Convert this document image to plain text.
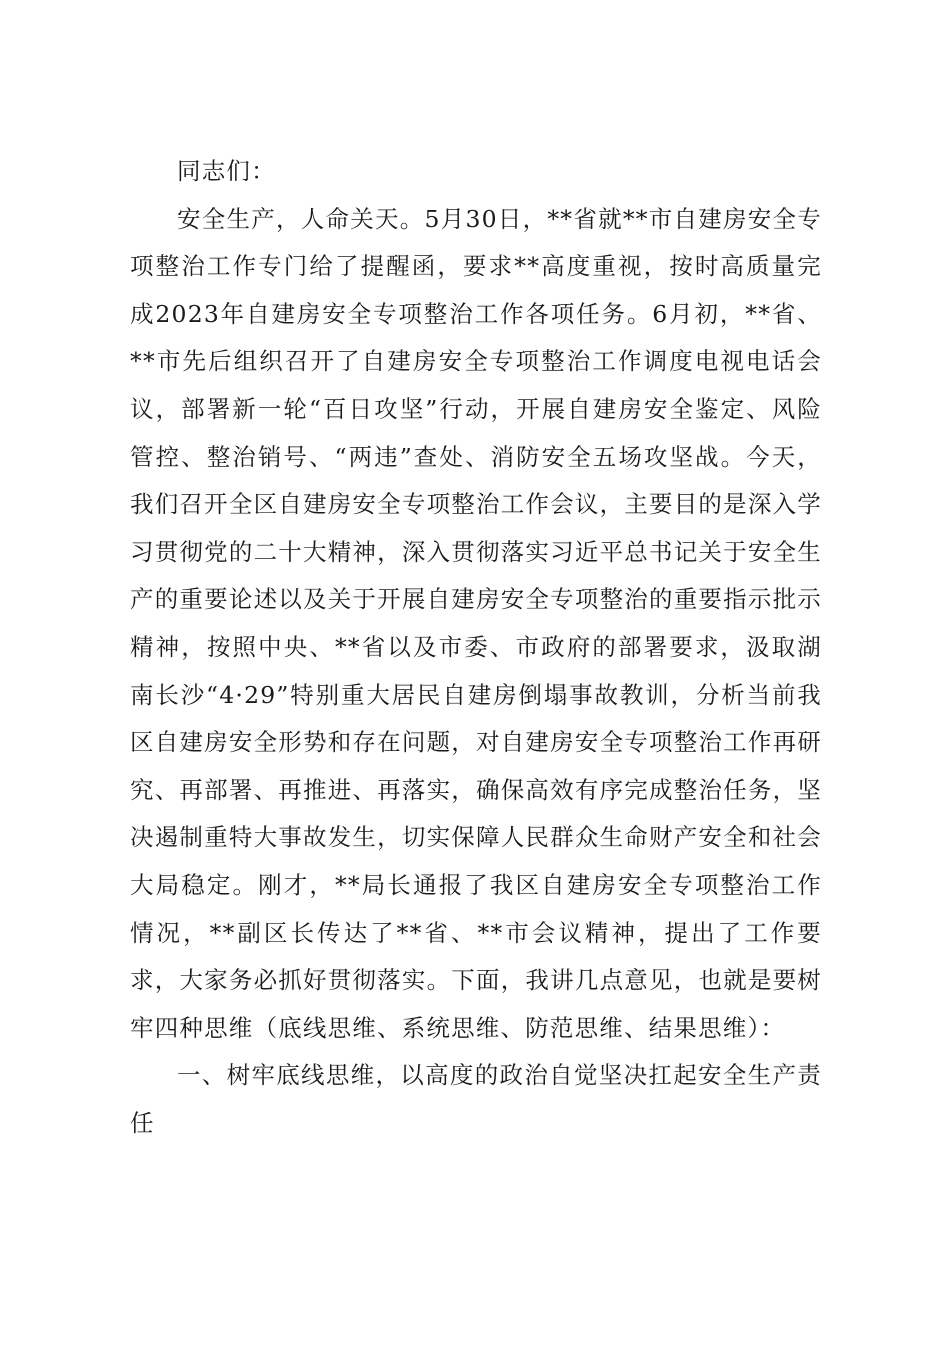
同志们：

安全生产，人命关天。5月30日，**省就**市自建房安全专项整治工作专门给了提醒函，要求**高度重视，按时高质量完成2023年自建房安全专项整治工作各项任务。6月初，**省、**市先后组织召开了自建房安全专项整治工作调度电视电话会议，部署新一轮“百日攻坚”行动，开展自建房安全鉴定、风险管控、整治销号、“两违”查处、消防安全五场攻坚战。今天，我们召开全区自建房安全专项整治工作会议，主要目的是深入学习贯彻党的二十大精神，深入贯彻落实习近平总书记关于安全生产的重要论述以及关于开展自建房安全专项整治的重要指示批示精神，按照中央、**省以及市委、市政府的部署要求，汲取湖南长沙“4·29”特别重大居民自建房倒塌事故教训，分析当前我区自建房安全形势和存在问题，对自建房安全专项整治工作再研究、再部署、再推进、再落实，确保高效有序完成整治任务，坚决遏制重特大事故发生，切实保障人民群众生命财产安全和社会大局稳定。刚才，**局长通报了我区自建房安全专项整治工作情况，**副区长传达了**省、**市会议精神，提出了工作要求，大家务必抓好贯彻落实。下面，我讲几点意见，也就是要树牢四种思维（底线思维、系统思维、防范思维、结果思维）：

一、树牢底线思维，以高度的政治自觉坚决扛起安全生产责任
